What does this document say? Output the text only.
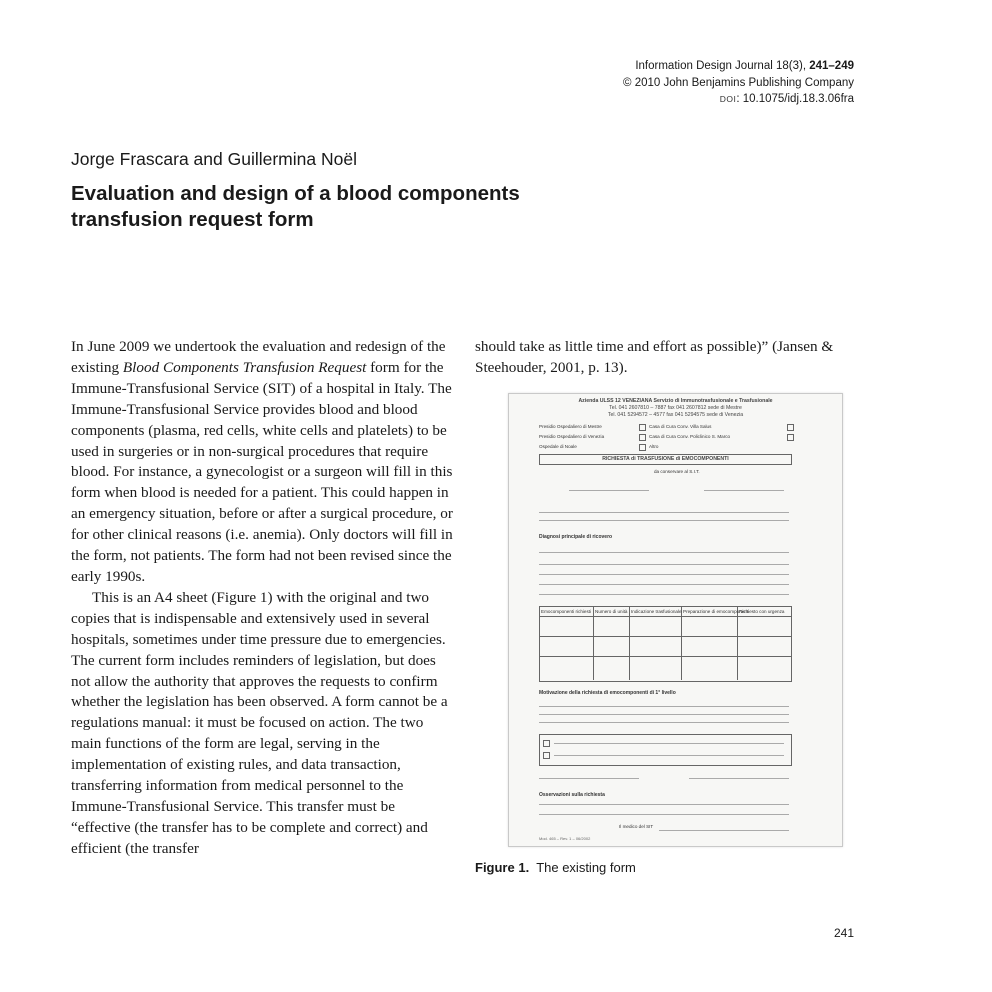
Information Design Journal 18(3), 241–249
© 2010 John Benjamins Publishing Company
DOI: 10.1075/idj.18.3.06fra
Jorge Frascara and Guillermina Noël
Evaluation and design of a blood components transfusion request form

In June 2009 we undertook the evaluation and redesign of the existing Blood Components Transfusion Request form for the Immune-Transfusional Service (SIT) of a hospital in Italy. The Immune-Transfusional Service provides blood and blood components (plasma, red cells, white cells and platelets) to be used in surgeries or in non-surgical procedures that require blood. For instance, a gynecologist or a surgeon will fill in this form when blood is needed for a patient. This could happen in an emergency situation, before or after a surgical procedure, or for other clinical reasons (i.e. anemia). Only doctors will fill in the form, not patients. The form had not been revised since the early 1990s.

This is an A4 sheet (Figure 1) with the original and two copies that is indispensable and extensively used in several hospitals, sometimes under time pressure due to emergencies. The current form includes reminders of legislation, but does not allow the authority that approves the requests to confirm whether the legislation has been observed. A form cannot be a regulations manual: it must be focused on action. The two main functions of the form are legal, serving in the implementation of existing rules, and data transaction, transferring information from medical personnel to the Immune-Transfusional Service. This transfer must be “effective (the transfer has to be complete and correct) and efficient (the transfer

should take as little time and effort as possible)” (Jansen & Steehouder, 2001, p. 13).

Azienda ULSS 12 VENEZIANA Servizio di Immunotrasfusionale e Trasfusionale
Tel. 041 2607810 – 7887 fax 041 2607812 sede di Mestre
Tel. 041 5294572 – 4577 fax 041 5294575 sede di Venezia
Presidio Ospedaliero di Mestre
Presidio Ospedaliero di Venezia
Ospedale di Noale
Casa di Cura Conv. Villa Salus
Casa di Cura Conv. Policlinico S. Marco
Altro
RICHIESTA di TRASFUSIONE di EMOCOMPONENTI
da conservare al S.I.T.
Diagnosi principale di ricovero
Emocomponenti richiesti Numero di unità Indicazione trasfusionale Preparazione di emocomponenti
Richiesto con urgenza
Motivazione della richiesta di emocomponenti di 1° livello
Osservazioni sulla richiesta
Il medico del SIT
Mod. 465 – Rev. 1 – 06/2002
Figure 1. The existing form
241
